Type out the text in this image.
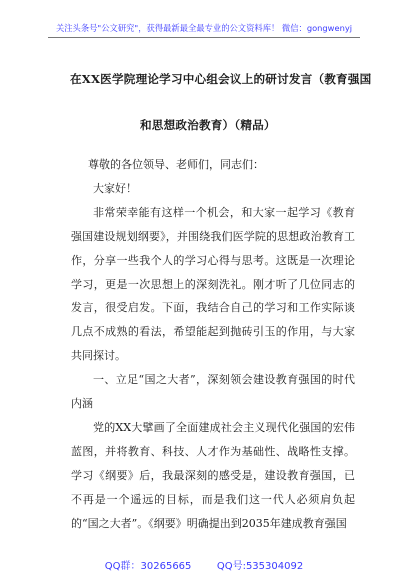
关注头条号"公文研究"，获得最新最全最专业的公文资料库！ 微信：gongwenyj
在XX医学院理论学习中心组会议上的研讨发言（教育强国
和思想政治教育）（精品）

尊敬的各位领导、老师们，同志们：

大家好！

非常荣幸能有这样一个机会，和大家一起学习《教育强国建设规划纲要》，并围绕我们医学院的思想政治教育工作，分享一些我个人的学习心得与思考。这既是一次理论学习，更是一次思想上的深刻洗礼。刚才听了几位同志的发言，很受启发。下面，我结合自己的学习和工作实际谈几点不成熟的看法，希望能起到抛砖引玉的作用，与大家共同探讨。

一、立足“国之大者”，深刻领会建设教育强国的时代内涵

党的XX大擘画了全面建成社会主义现代化强国的宏伟蓝图，并将教育、科技、人才作为基础性、战略性支撑。学习《纲要》后，我最深刻的感受是，建设教育强国，已不再是一个遥远的目标，而是我们这一代人必须肩负起的“国之大者”。《纲要》明确提出到2035年建成教育强国

QQ群：30265665        QQ号:535304092
